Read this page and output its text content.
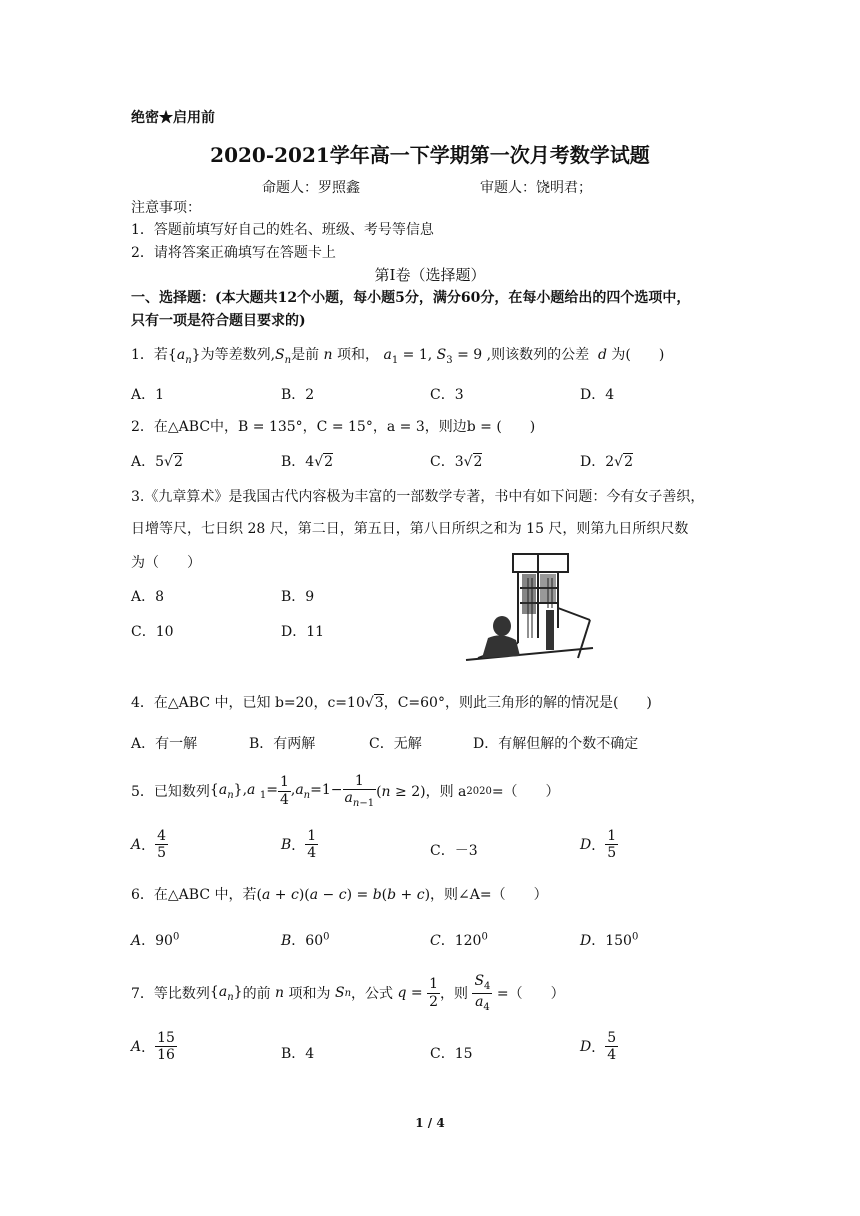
绝密★启用前
2020-2021学年高一下学期第一次月考数学试题
命题人：罗照鑫	审题人：饶明君；
注意事项：
1．答题前填写好自己的姓名、班级、考号等信息
2．请将答案正确填写在答题卡上
第Ⅰ卷（选择题）
一、选择题：(本大题共12个小题，每小题5分，满分60分，在每小题给出的四个选项中，
只有一项是符合题目要求的)
1．若$\{a_n\}$为等差数列$,S_n$是前 n 项和， $a_1 = 1$, $S_3 = 9$ ,则该数列的公差 d 为(　　)
A．1	B．2	C．3	D．4
2．在△ABC中，B = 135°，C = 15°，a = 3，则边b = (　　)
A．5√2	B．4√2	C．3√2	D．2√2
3.《九章算术》是我国古代内容极为丰富的一部数学专著，书中有如下问题：今有女子善织，
日增等尺，七日织 28 尺，第二日，第五日，第八日所织之和为 15 尺，则第九日所织尺数
为（　　）
A．8	B．9
C．10	D．11
4．在△ABC 中，已知 b=20，c=10√3，C=60°，则此三角形的解的情况是(　　)
A．有一解	B．有两解	C．无解	D．有解但解的个数不确定
5．已知数列 $\{a_n\},a$ $_1= \frac{1}{4} ,a_n=1- \frac{1}{a_{n-1}} (n \ge 2)$， 则 a 2020 =（　　）
A ． $\frac{4}{5}$	B ． $\frac{1}{4}$	C．－3	D ． $\frac{1}{5}$
6．在△ABC 中，若(a + c)(a − c) = b(b + c)，则∠A=（　　）
A．$90^0$	B．$60^0$	C．$120^0$	D．$150^0$
7．等比数列 $\{a_n\}$ 的前
n
项和为
S n ，公式
$q = \frac{1}{2}$ ，则
$\frac{S_4}{a_4}$
=（　　）
A ． $\frac{15}{16}$	B．4	C．15	D ． $\frac{5}{4}$
1 / 4
